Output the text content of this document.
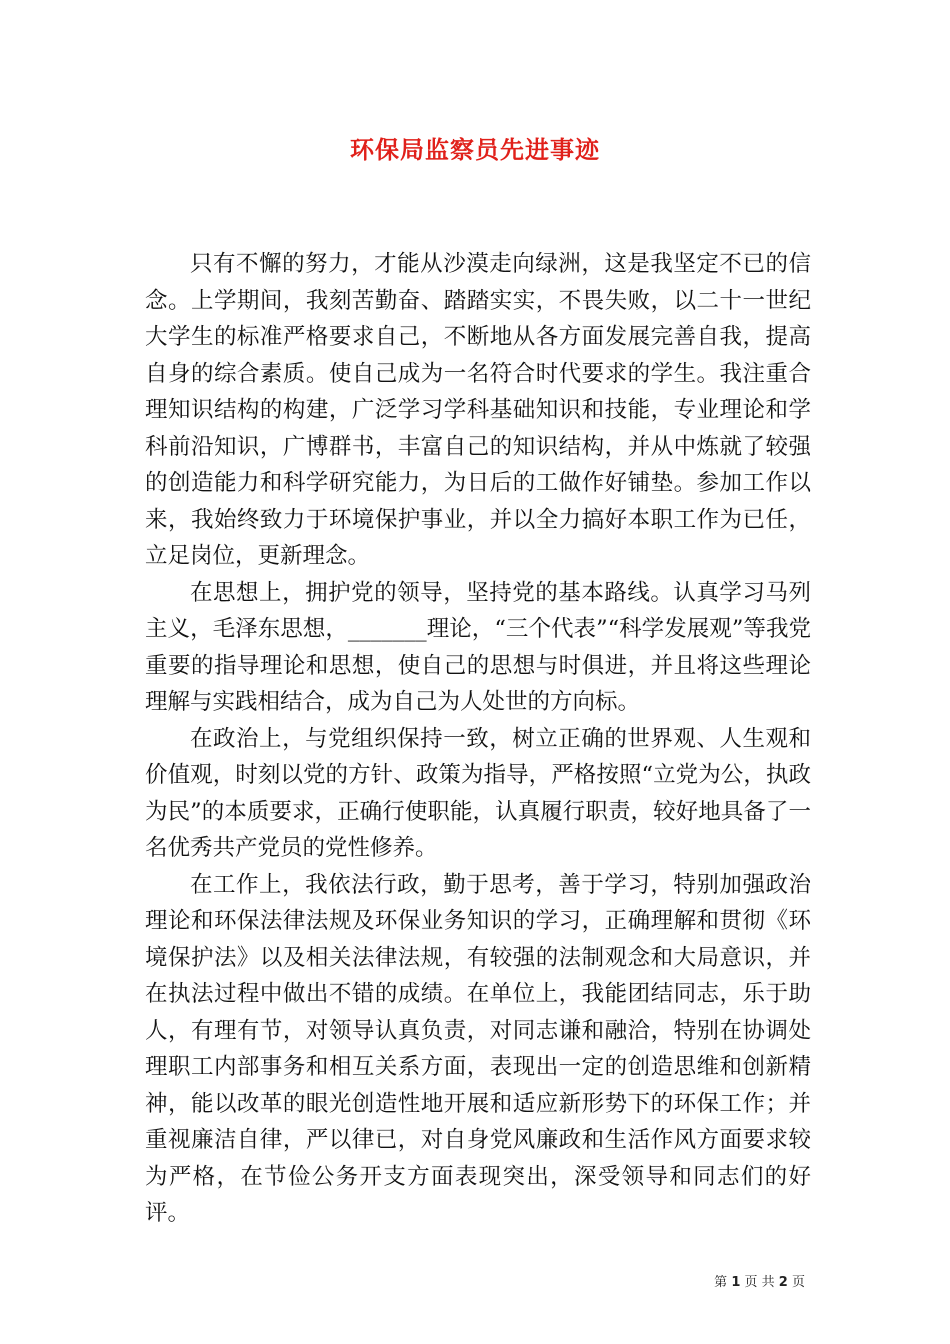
环保局监察员先进事迹

只有不懈的努力，才能从沙漠走向绿洲，这是我坚定不已的信念。上学期间，我刻苦勤奋、踏踏实实，不畏失败，以二十一世纪大学生的标准严格要求自己，不断地从各方面发展完善自我，提高自身的综合素质。使自己成为一名符合时代要求的学生。我注重合理知识结构的构建，广泛学习学科基础知识和技能，专业理论和学科前沿知识，广博群书，丰富自己的知识结构，并从中炼就了较强的创造能力和科学研究能力，为日后的工做作好铺垫。参加工作以来，我始终致力于环境保护事业，并以全力搞好本职工作为已任，立足岗位，更新理念。

在思想上，拥护党的领导，坚持党的基本路线。认真学习马列主义，毛泽东思想，_______理论，“三个代表”“科学发展观”等我党重要的指导理论和思想，使自己的思想与时俱进，并且将这些理论理解与实践相结合，成为自己为人处世的方向标。

在政治上，与党组织保持一致，树立正确的世界观、人生观和价值观，时刻以党的方针、政策为指导，严格按照“立党为公，执政为民”的本质要求，正确行使职能，认真履行职责，较好地具备了一名优秀共产党员的党性修养。

在工作上，我依法行政，勤于思考，善于学习，特别加强政治理论和环保法律法规及环保业务知识的学习，正确理解和贯彻《环境保护法》以及相关法律法规，有较强的法制观念和大局意识，并在执法过程中做出不错的成绩。在单位上，我能团结同志，乐于助人，有理有节，对领导认真负责，对同志谦和融洽，特别在协调处理职工内部事务和相互关系方面，表现出一定的创造思维和创新精神，能以改革的眼光创造性地开展和适应新形势下的环保工作；并重视廉洁自律，严以律已，对自身党风廉政和生活作风方面要求较为严格，在节俭公务开支方面表现突出，深受领导和同志们的好评。

第 1 页 共 2 页
